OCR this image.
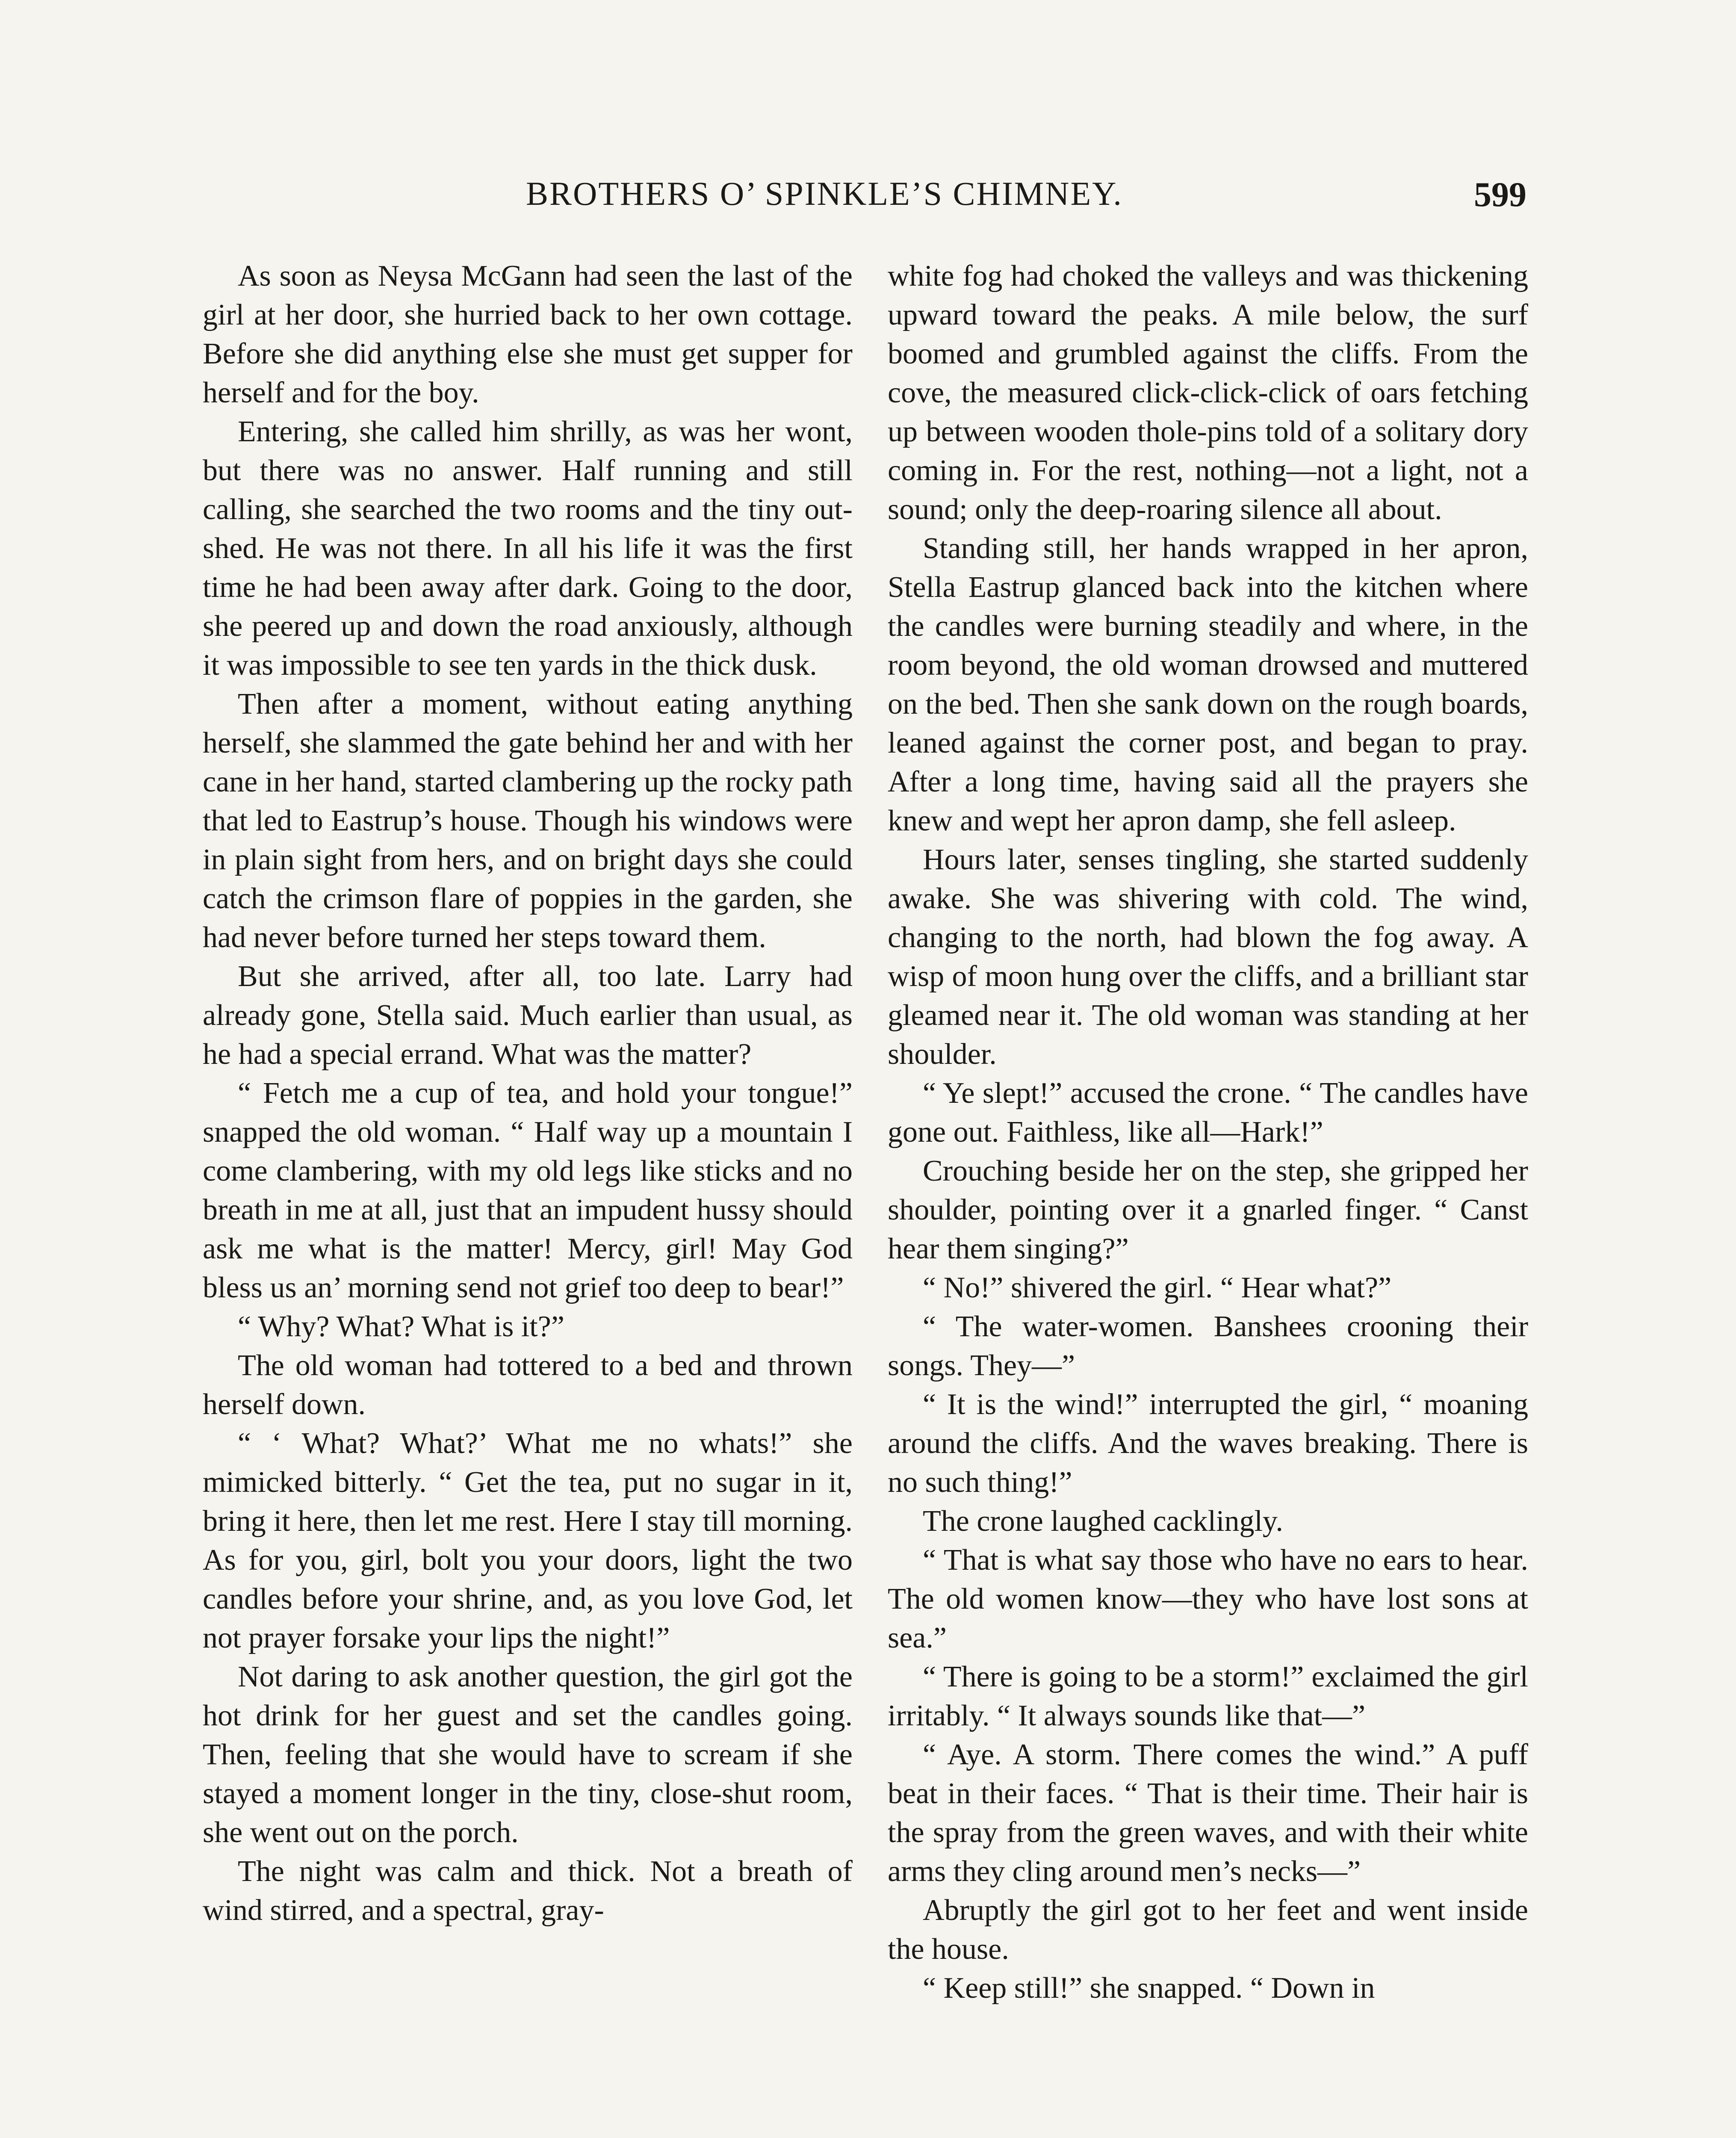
BROTHERS O’ SPINKLE’S CHIMNEY.	599

As soon as Neysa McGann had seen the last of the girl at her door, she hurried back to her own cottage. Before she did anything else she must get supper for herself and for the boy.

Entering, she called him shrilly, as was her wont, but there was no answer. Half running and still calling, she searched the two rooms and the tiny out-shed. He was not there. In all his life it was the first time he had been away after dark. Going to the door, she peered up and down the road anxiously, although it was impossible to see ten yards in the thick dusk.

Then after a moment, without eating anything herself, she slammed the gate behind her and with her cane in her hand, started clambering up the rocky path that led to Eastrup’s house. Though his windows were in plain sight from hers, and on bright days she could catch the crimson flare of poppies in the garden, she had never before turned her steps toward them.

But she arrived, after all, too late. Larry had already gone, Stella said. Much earlier than usual, as he had a special errand. What was the matter?

“ Fetch me a cup of tea, and hold your tongue!” snapped the old woman. “ Half way up a mountain I come clambering, with my old legs like sticks and no breath in me at all, just that an impudent hussy should ask me what is the matter! Mercy, girl! May God bless us an’ morning send not grief too deep to bear!”

“ Why? What? What is it?”

The old woman had tottered to a bed and thrown herself down.

“ ‘ What? What?’ What me no whats!” she mimicked bitterly. “ Get the tea, put no sugar in it, bring it here, then let me rest. Here I stay till morning. As for you, girl, bolt you your doors, light the two candles before your shrine, and, as you love God, let not prayer forsake your lips the night!”

Not daring to ask another question, the girl got the hot drink for her guest and set the candles going. Then, feeling that she would have to scream if she stayed a moment longer in the tiny, close-shut room, she went out on the porch.

The night was calm and thick. Not a breath of wind stirred, and a spectral, gray-

white fog had choked the valleys and was thickening upward toward the peaks. A mile below, the surf boomed and grumbled against the cliffs. From the cove, the measured click-click-click of oars fetching up between wooden thole-pins told of a solitary dory coming in. For the rest, nothing—not a light, not a sound; only the deep-roaring silence all about.

Standing still, her hands wrapped in her apron, Stella Eastrup glanced back into the kitchen where the candles were burning steadily and where, in the room beyond, the old woman drowsed and muttered on the bed. Then she sank down on the rough boards, leaned against the corner post, and began to pray. After a long time, having said all the prayers she knew and wept her apron damp, she fell asleep.

Hours later, senses tingling, she started suddenly awake. She was shivering with cold. The wind, changing to the north, had blown the fog away. A wisp of moon hung over the cliffs, and a brilliant star gleamed near it. The old woman was standing at her shoulder.

“ Ye slept!” accused the crone. “ The candles have gone out. Faithless, like all—Hark!”

Crouching beside her on the step, she gripped her shoulder, pointing over it a gnarled finger. “ Canst hear them singing?”

“ No!” shivered the girl. “ Hear what?”

“ The water-women. Banshees crooning their songs. They—”

“ It is the wind!” interrupted the girl, “ moaning around the cliffs. And the waves breaking. There is no such thing!”

The crone laughed cacklingly.

“ That is what say those who have no ears to hear. The old women know—they who have lost sons at sea.”

“ There is going to be a storm!” exclaimed the girl irritably. “ It always sounds like that—”

“ Aye. A storm. There comes the wind.” A puff beat in their faces. “ That is their time. Their hair is the spray from the green waves, and with their white arms they cling around men’s necks—”

Abruptly the girl got to her feet and went inside the house.

“ Keep still!” she snapped. “ Down in
